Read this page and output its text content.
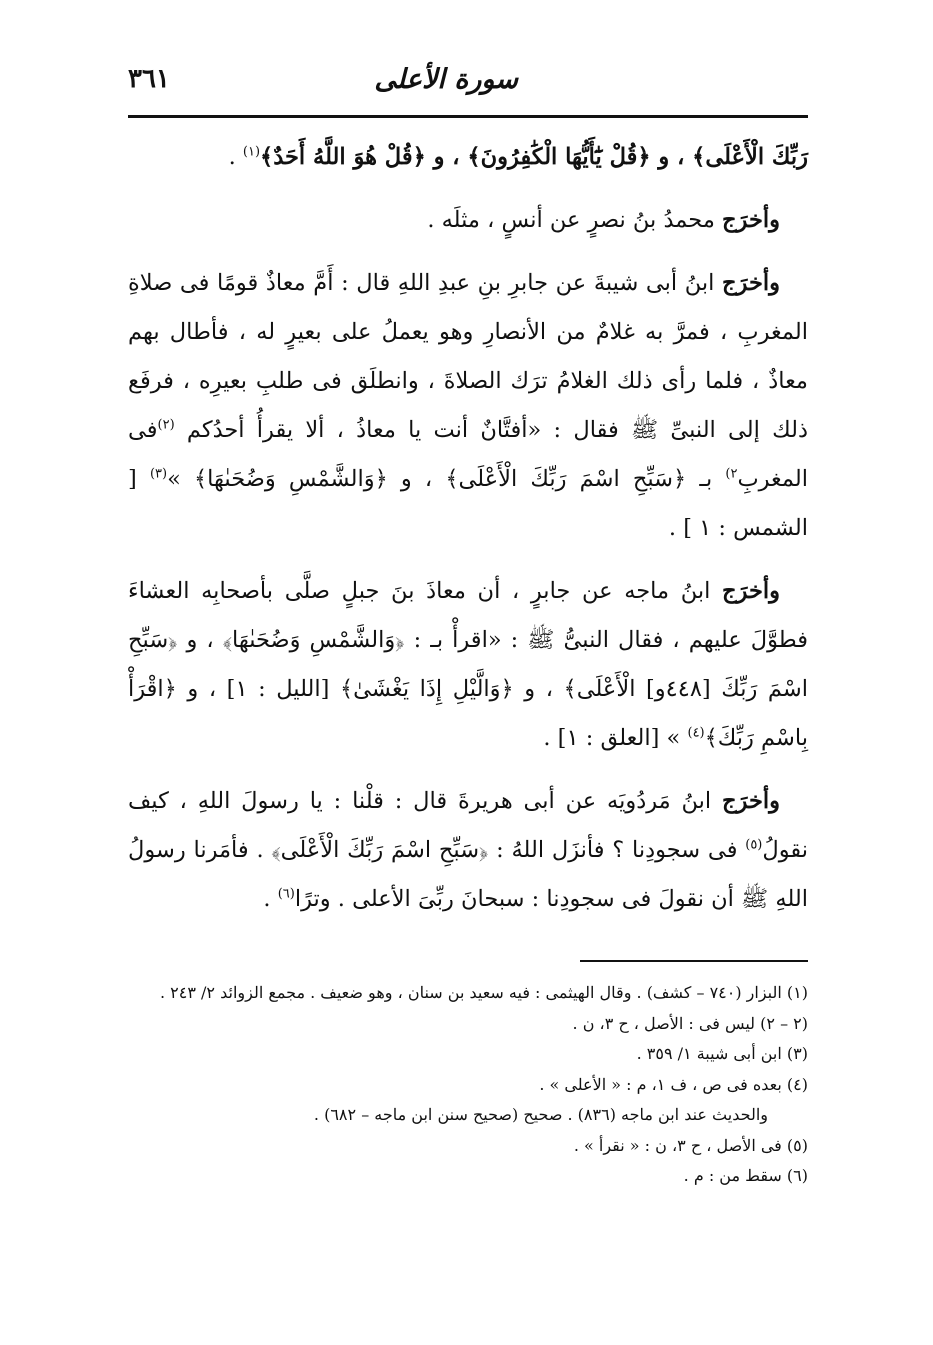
سورة الأعلى
٣٦١

رَبِّكَ الْأَعْلَى﴾ ، و ﴿قُلْ يَٰٓأَيُّهَا الْكَٰفِرُونَ﴾ ، و ﴿قُلْ هُوَ اللَّهُ أَحَدٌ﴾$^{(١)}$ .

وأخرَج محمدُ بنُ نصرٍ عن أنسٍ ، مثلَه .

وأخرَج ابنُ أبى شيبةَ عن جابرِ بنِ عبدِ اللهِ قال : أَمَّ معاذٌ قومًا فى صلاةِ المغربِ ، فمرَّ به غلامٌ من الأنصارِ وهو يعملُ على بعيرٍ له ، فأطال بهم معاذٌ ، فلما رأى ذلك الغلامُ ترَك الصلاةَ ، وانطلَق فى طلبِ بعيرِه ، فرفَع ذلك إلى النبىِّ ﷺ فقال : «أفتَّانٌ أنت يا معاذُ ، ألا يقرأُ أحدُكم $^{(٢)}$فى المغربِ$^{٢)}$ بـ ﴿سَبِّحِ اسْمَ رَبِّكَ الْأَعْلَى﴾ ، و ﴿وَالشَّمْسِ وَضُحَىٰهَا﴾ »$^{(٣)}$ [ الشمس : ١ ] .

وأخرَج ابنُ ماجه عن جابرٍ ، أن معاذَ بنَ جبلٍ صلَّى بأصحابِه العشاءَ فطوَّلَ عليهم ، فقال النبىُّ ﷺ : «اقرأْ بـ : ﴿وَالشَّمْسِ وَضُحَىٰهَا﴾ ، و ﴿سَبِّحِ اسْمَ رَبِّكَ [٤٤٨و] الْأَعْلَى﴾ ، و ﴿وَالَّيْلِ إِذَا يَغْشَىٰ﴾ [الليل : ١] ، و ﴿اقْرَأْ بِاسْمِ رَبِّكَ﴾$^{(٤)}$ » [العلق : ١] .

وأخرَج ابنُ مَردُويَه عن أبى هريرةَ قال : قلْنا : يا رسولَ اللهِ ، كيف نقولُ$^{(٥)}$ فى سجودِنا ؟ فأنزَل اللهُ : ﴿سَبِّحِ اسْمَ رَبِّكَ الْأَعْلَى﴾ . فأمَرنا رسولُ اللهِ ﷺ أن نقولَ فى سجودِنا : سبحانَ ربِّىَ الأعلى . وترًا$^{(٦)}$ .

(١) البزار (٧٤٠ – كشف) . وقال الهيثمى : فيه سعيد بن سنان ، وهو ضعيف . مجمع الزوائد ٢/ ٢٤٣ .
(٢ – ٢) ليس فى : الأصل ، ح ٣، ن .
(٣) ابن أبى شيبة ١/ ٣٥٩ .
(٤) بعده فى ص ، ف ١، م : « الأعلى » .
والحديث عند ابن ماجه (٨٣٦) . صحيح (صحيح سنن ابن ماجه – ٦٨٢) .
(٥) فى الأصل ، ح ٣، ن : « نقرأ » .
(٦) سقط من : م .
